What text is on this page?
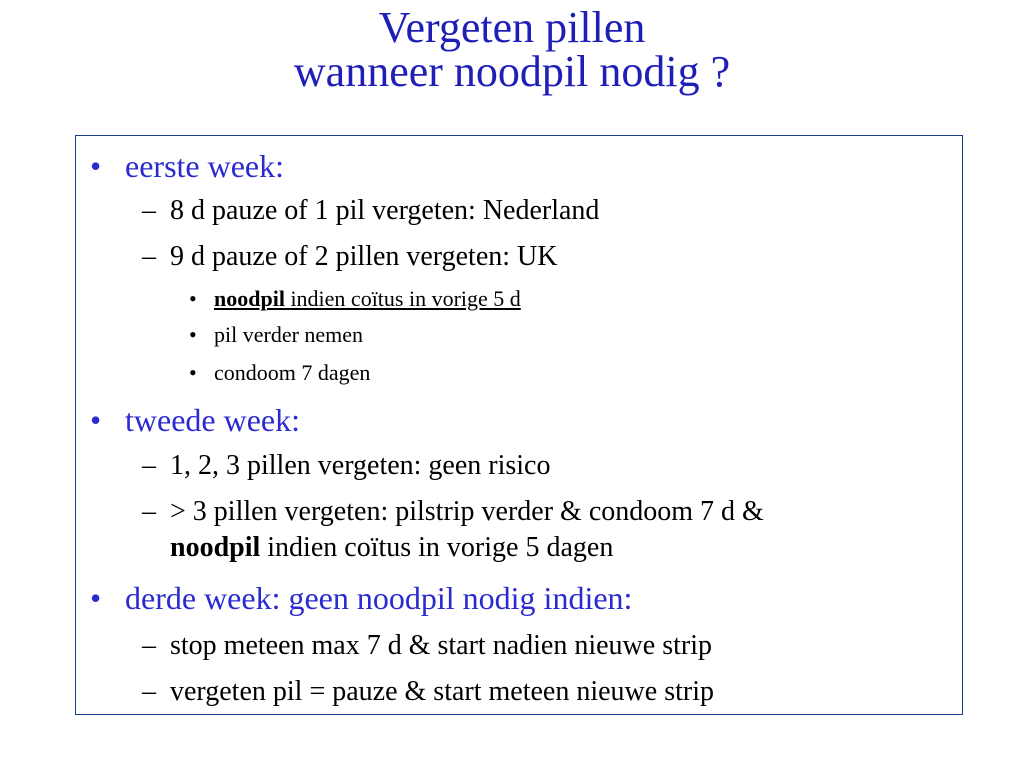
Vergeten pillen
wanneer noodpil nodig ?
• eerste week:
– 8 d pauze of 1 pil vergeten: Nederland
– 9 d pauze of 2 pillen vergeten: UK
• noodpil indien coïtus in vorige 5 d
• pil verder nemen
• condoom 7 dagen
• tweede week:
– 1, 2, 3 pillen vergeten: geen risico
– > 3 pillen vergeten: pilstrip verder & condoom 7 d &
noodpil indien coïtus in vorige 5 dagen
• derde week: geen noodpil nodig indien:
– stop meteen max 7 d & start nadien nieuwe strip
– vergeten pil = pauze & start meteen nieuwe strip
